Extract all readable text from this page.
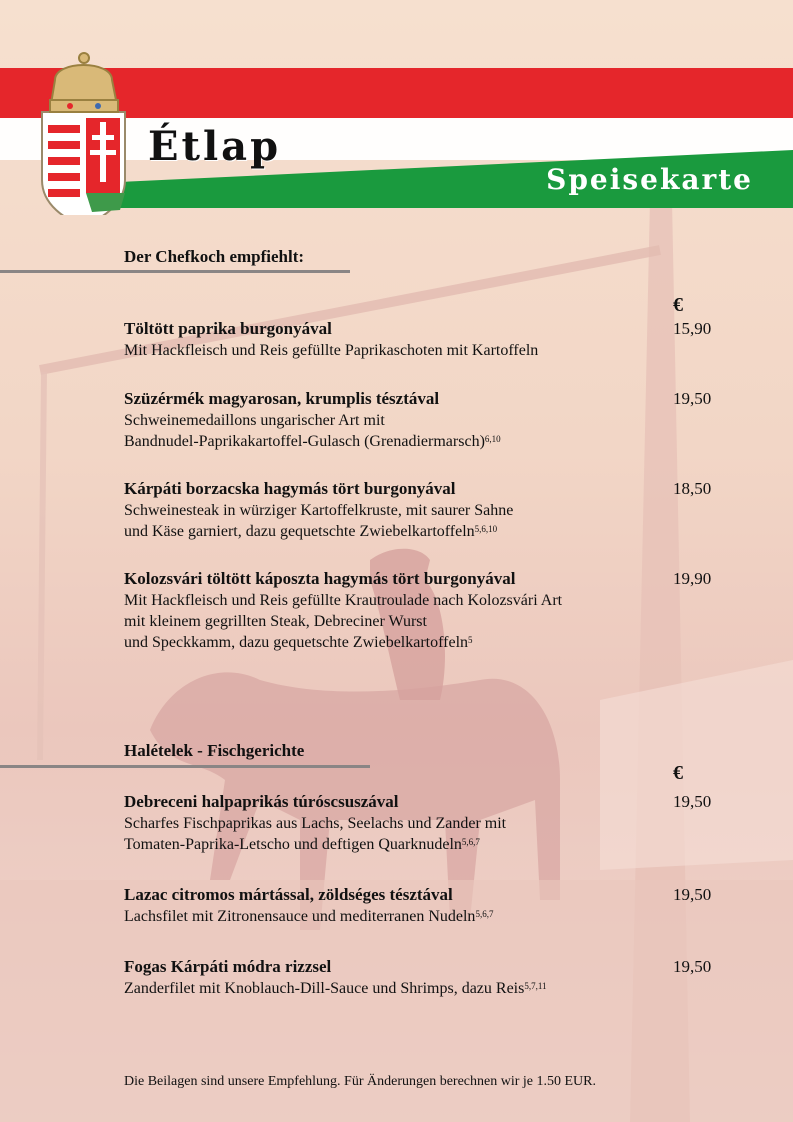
Étlap
Speisekarte
Der Chefkoch empfiehlt:
€
Töltött paprika burgonyával	15,90
Mit Hackfleisch und Reis gefüllte Paprikaschoten mit Kartoffeln
Szüzérmék magyarosan, krumplis tésztával	19,50
Schweinemedaillons ungarischer Art mit
Bandnudel-Paprikakartoffel-Gulasch (Grenadiermarsch)$^{6,10}$
Kárpáti borzacska hagymás tört burgonyával	18,50
Schweinesteak in würziger Kartoffelkruste, mit saurer Sahne
und Käse garniert, dazu gequetschte Zwiebelkartoffeln$^{5,6,10}$
Kolozsvári töltött káposzta hagymás tört burgonyával	19,90
Mit Hackfleisch und Reis gefüllte Krautroulade nach Kolozsvári Art
mit kleinem gegrillten Steak, Debreciner Wurst
und Speckkamm, dazu gequetschte Zwiebelkartoffeln$^5$
Halételek - Fischgerichte
€
Debreceni halpaprikás túróscsuszával	19,50
Scharfes Fischpaprikas aus Lachs, Seelachs und Zander mit
Tomaten-Paprika-Letscho und deftigen Quarknudeln$^{5,6,7}$
Lazac citromos mártással, zöldséges tésztával	19,50
Lachsfilet mit Zitronensauce und mediterranen Nudeln$^{5,6,7}$
Fogas Kárpáti módra rizzsel	19,50
Zanderfilet mit Knoblauch-Dill-Sauce und Shrimps, dazu Reis$^{5,7,11}$
Die Beilagen sind unsere Empfehlung. Für Änderungen berechnen wir je 1.50 EUR.
